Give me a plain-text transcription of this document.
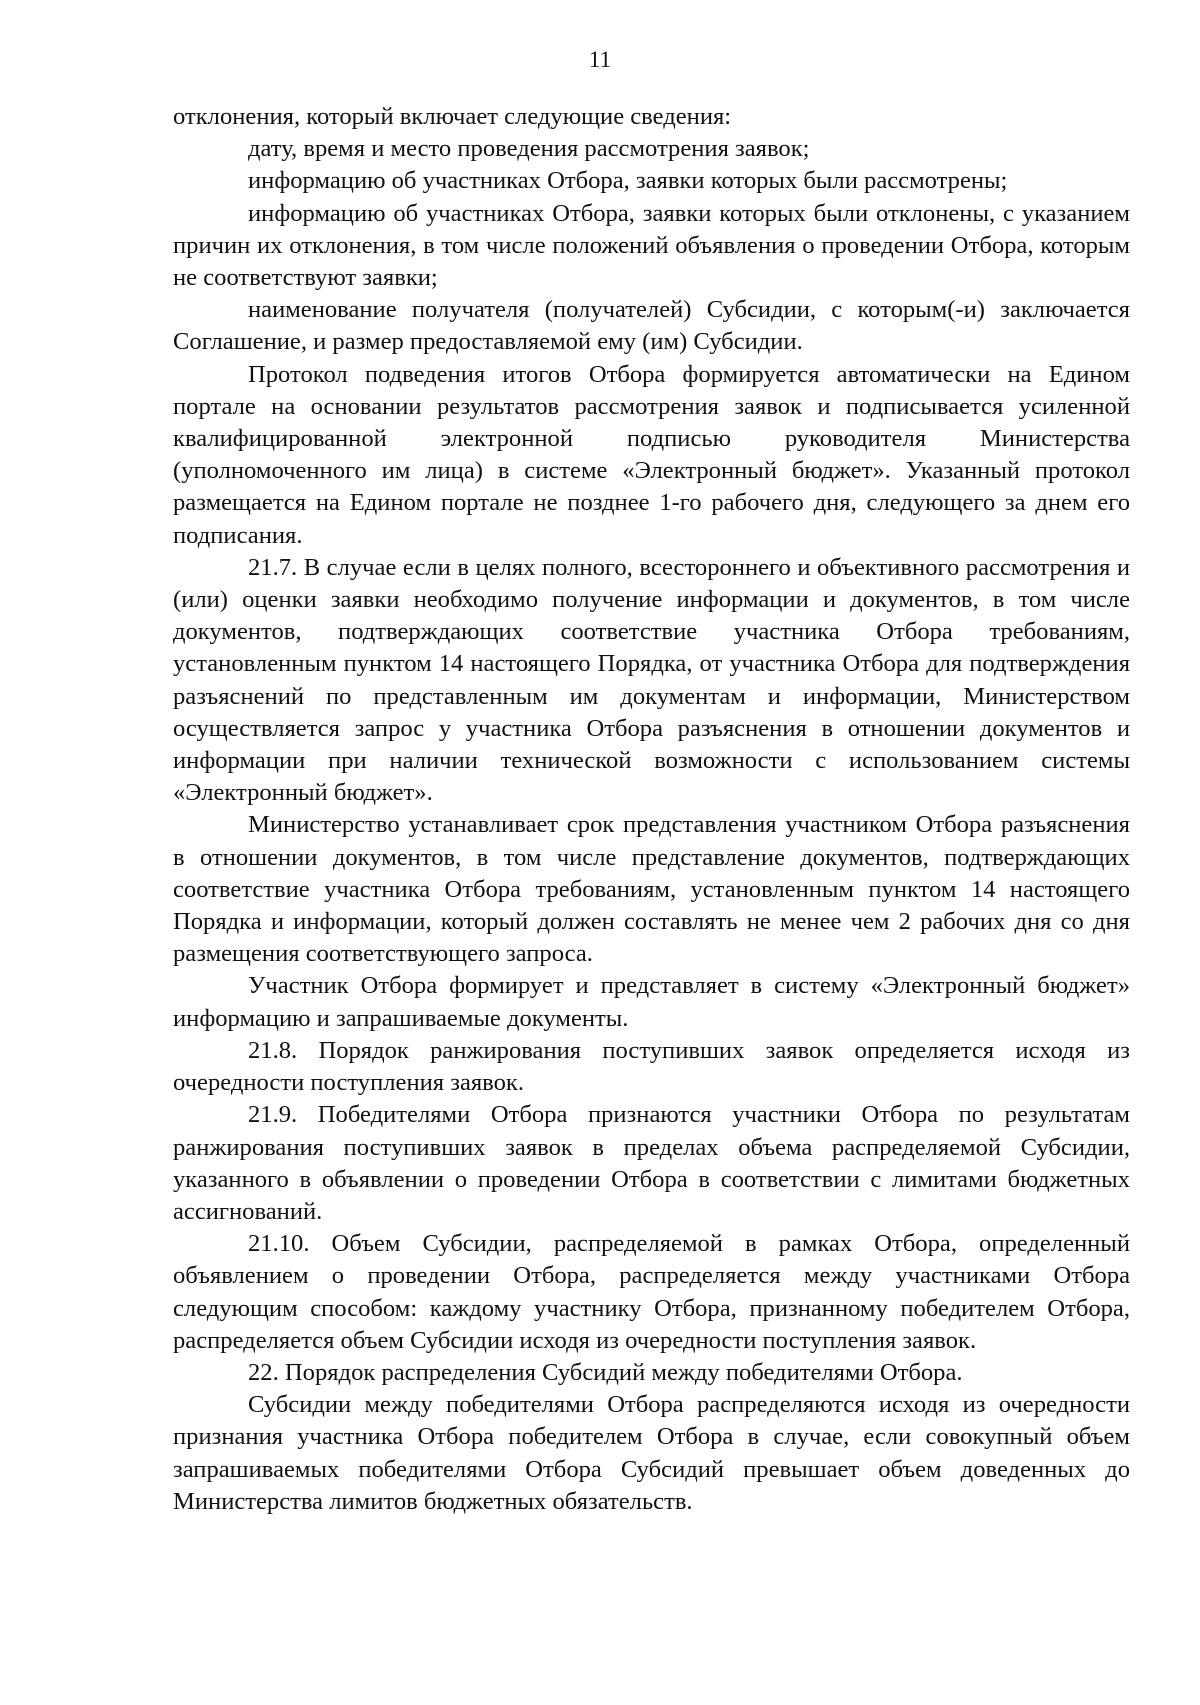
11

отклонения, который включает следующие сведения:

дату, время и место проведения рассмотрения заявок;

информацию об участниках Отбора, заявки которых были рассмотрены;

информацию об участниках Отбора, заявки которых были отклонены, с указанием причин их отклонения, в том числе положений объявления о проведении Отбора, которым не соответствуют заявки;

наименование получателя (получателей) Субсидии, с которым(-и) заключается Соглашение, и размер предоставляемой ему (им) Субсидии.

Протокол подведения итогов Отбора формируется автоматически на Едином портале на основании результатов рассмотрения заявок и подписывается усиленной квалифицированной электронной подписью руководителя Министерства (уполномоченного им лица) в системе «Электронный бюджет». Указанный протокол размещается на Едином портале не позднее 1-го рабочего дня, следующего за днем его подписания.

21.7. В случае если в целях полного, всестороннего и объективного рассмотрения и (или) оценки заявки необходимо получение информации и документов, в том числе документов, подтверждающих соответствие участника Отбора требованиям, установленным пунктом 14 настоящего Порядка, от участника Отбора для подтверждения разъяснений по представленным им документам и информации, Министерством осуществляется запрос у участника Отбора разъяснения в отношении документов и информации при наличии технической возможности с использованием системы «Электронный бюджет».

Министерство устанавливает срок представления участником Отбора разъяснения в отношении документов, в том числе представление документов, подтверждающих соответствие участника Отбора требованиям, установленным пунктом 14 настоящего Порядка и информации, который должен составлять не менее чем 2 рабочих дня со дня размещения соответствующего запроса.

Участник Отбора формирует и представляет в систему «Электронный бюджет» информацию и запрашиваемые документы.

21.8. Порядок ранжирования поступивших заявок определяется исходя из очередности поступления заявок.

21.9. Победителями Отбора признаются участники Отбора по результатам ранжирования поступивших заявок в пределах объема распределяемой Субсидии, указанного в объявлении о проведении Отбора в соответствии с лимитами бюджетных ассигнований.

21.10. Объем Субсидии, распределяемой в рамках Отбора, определенный объявлением о проведении Отбора, распределяется между участниками Отбора следующим способом: каждому участнику Отбора, признанному победителем Отбора, распределяется объем Субсидии исходя из очередности поступления заявок.

22. Порядок распределения Субсидий между победителями Отбора.

Субсидии между победителями Отбора распределяются исходя из очередности признания участника Отбора победителем Отбора в случае, если совокупный объем запрашиваемых победителями Отбора Субсидий превышает объем доведенных до Министерства лимитов бюджетных обязательств.
